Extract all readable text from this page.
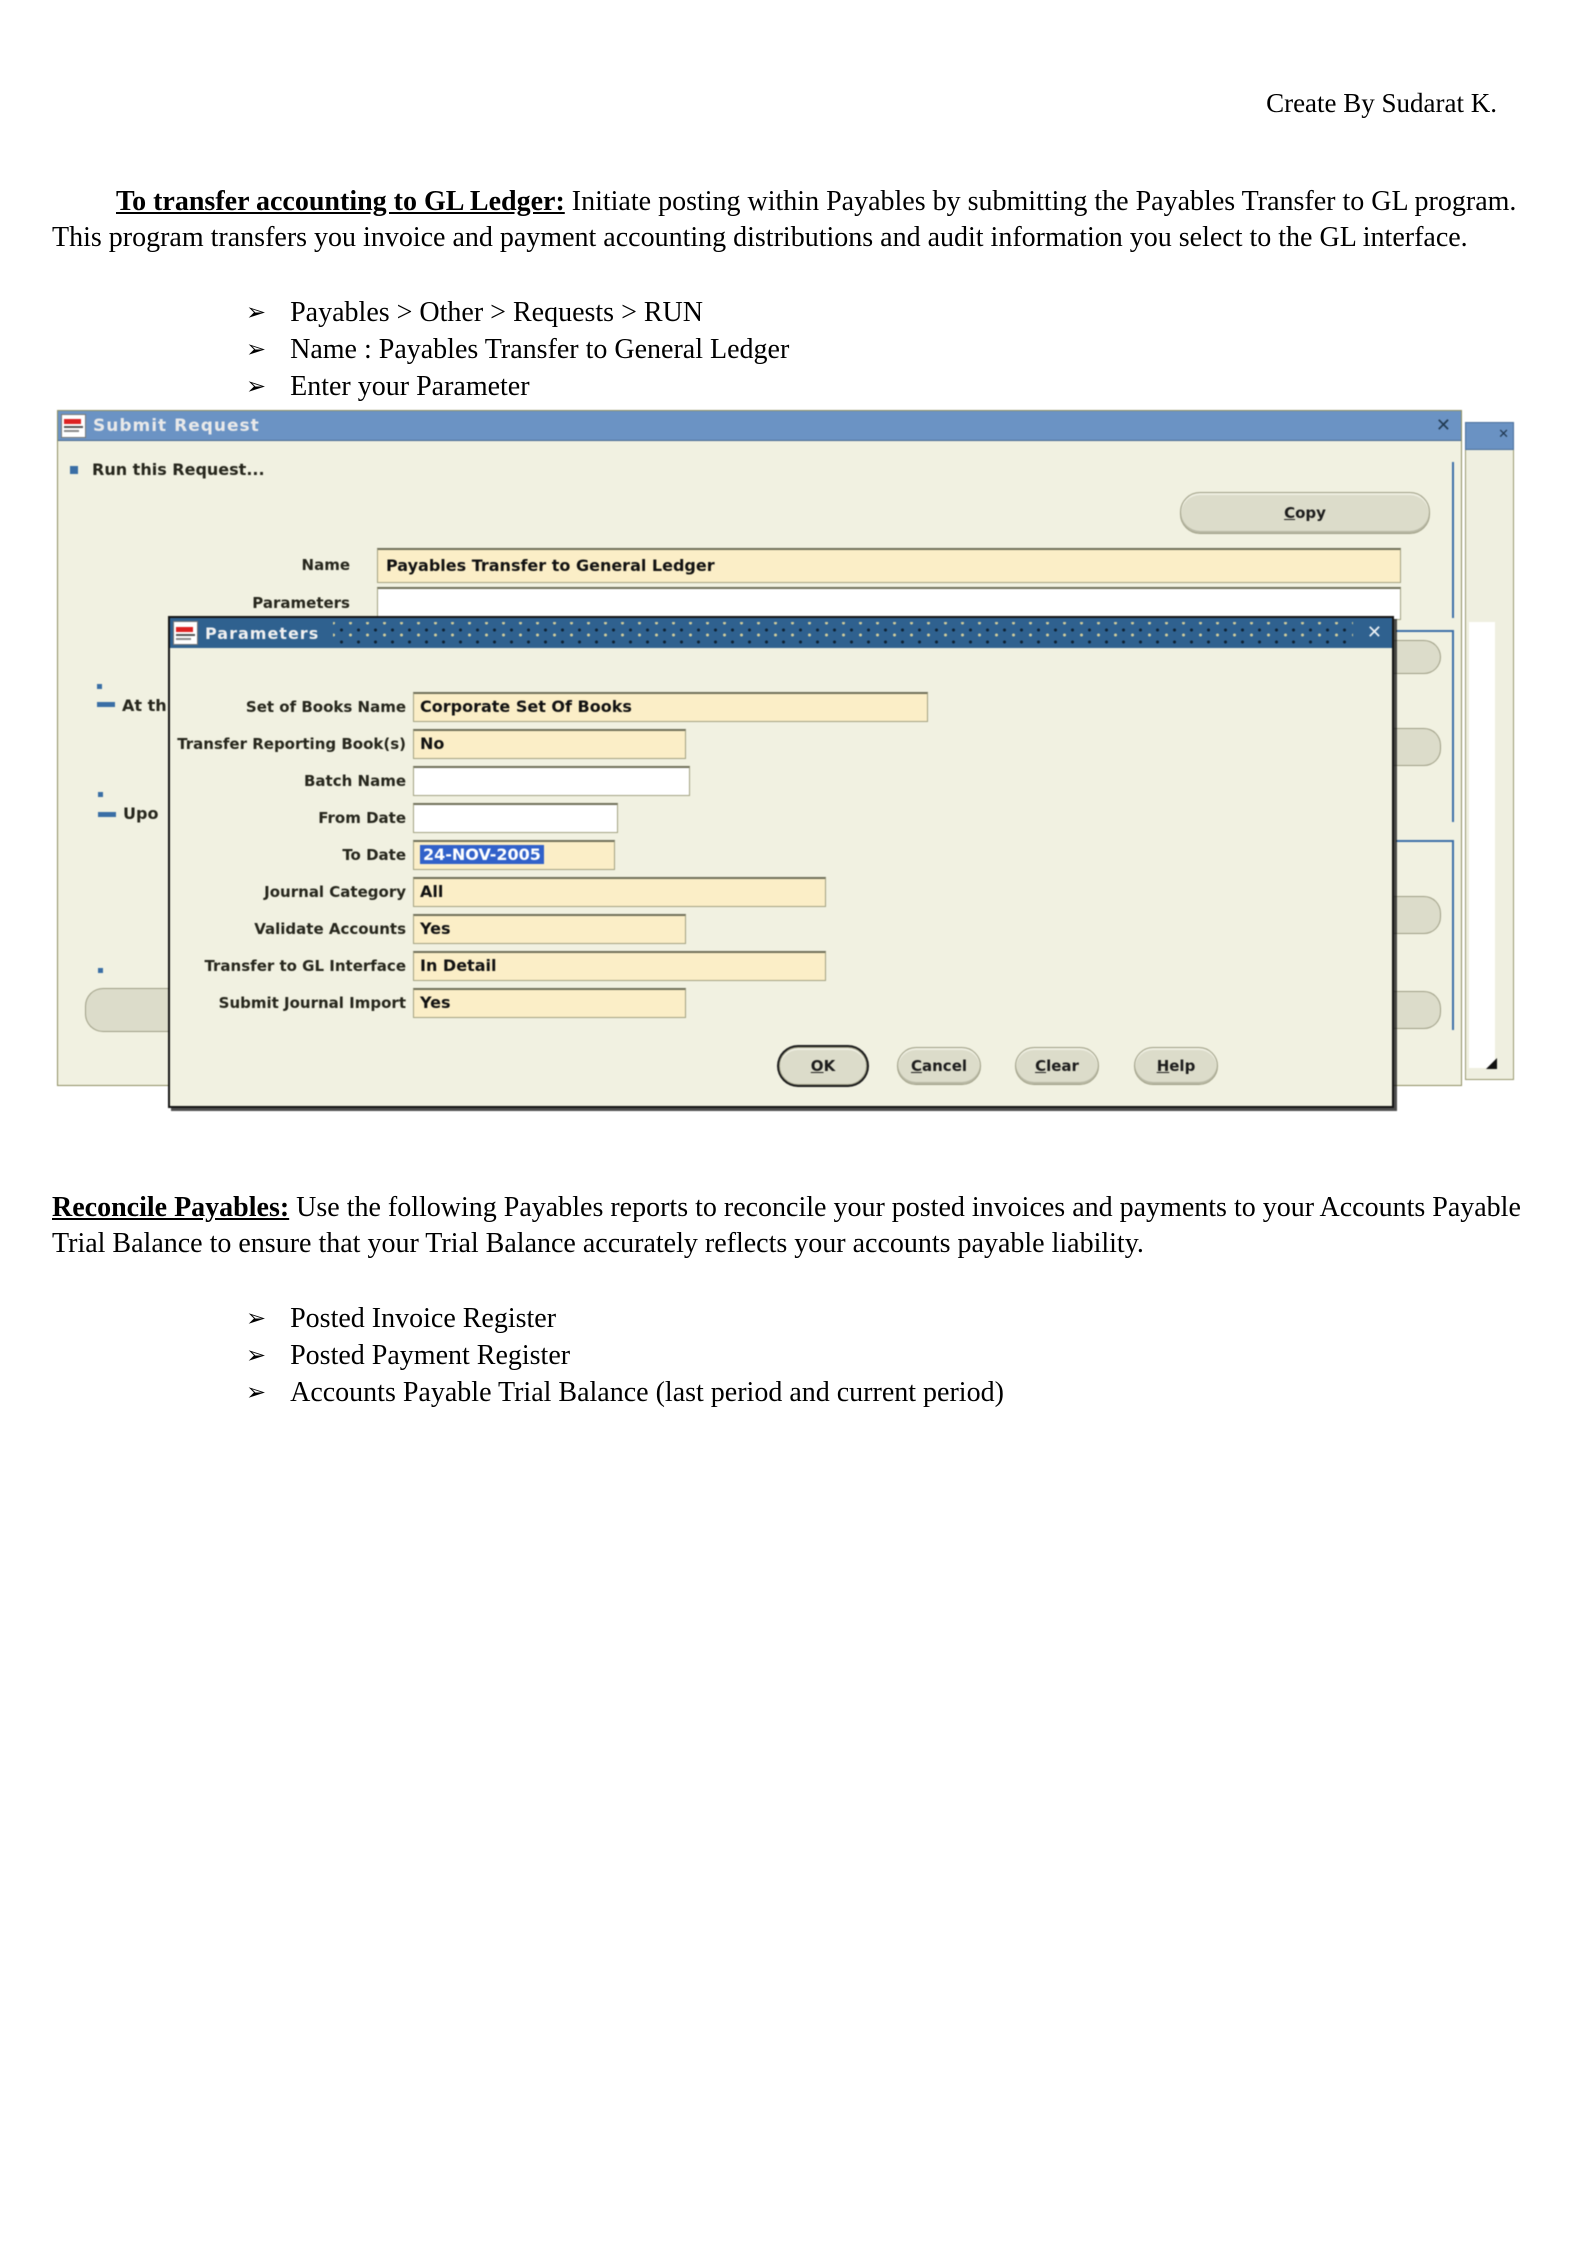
Create By Sudarat K.
To transfer accounting to GL Ledger: Initiate posting within Payables by submitting the Payables Transfer to GL program. This program transfers you invoice and payment accounting distributions and audit information you select to the GL interface.
➢ Payables > Other > Requests > RUN
➢ Name : Payables Transfer to General Ledger
➢ Enter your Parameter
✕
Submit Request	✕
Run this Request...
Copy
Name	Payables Transfer to General Ledger
Parameters
At th
Upo
Parameters	✕
Set of Books Name Corporate Set Of Books
Transfer Reporting Book(s) No
Batch Name
From Date
To Date	24-NOV-2005
Journal Category All
Validate Accounts Yes
Transfer to GL Interface In Detail
Submit Journal Import Yes
OK	Cancel	Clear	Help
Reconcile Payables: Use the following Payables reports to reconcile your posted invoices and payments to your Accounts Payable Trial Balance to ensure that your Trial Balance accurately reflects your accounts payable liability.
➢ Posted Invoice Register
➢ Posted Payment Register
➢ Accounts Payable Trial Balance (last period and current period)
